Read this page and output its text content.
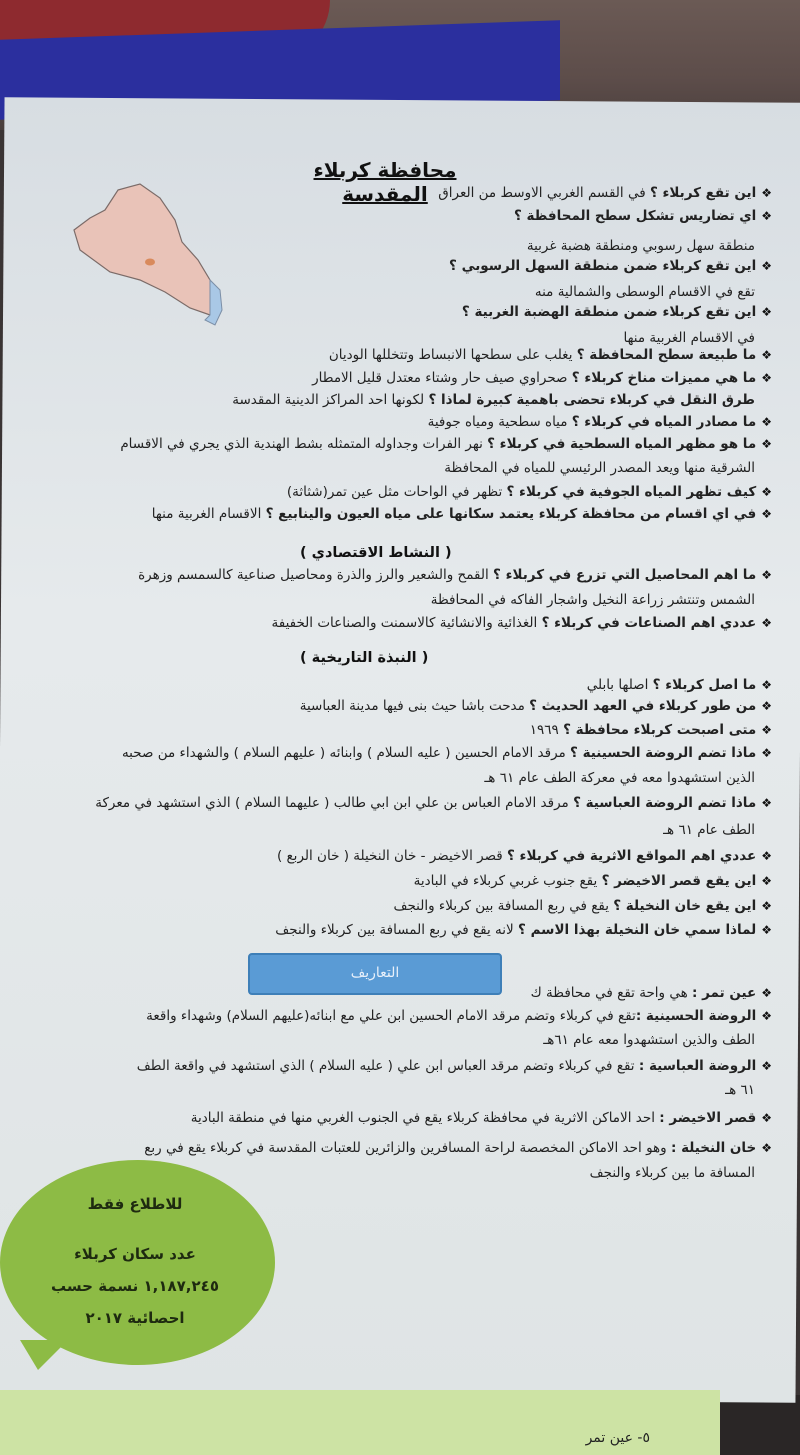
محافظة كربلاء المقدسة	❖اين تقع كربلاء ؟ في القسم الغربي الاوسط من العراق
❖اي تضاريس تشكل سطح المحافظة ؟
منطقة سهل رسوبي ومنطقة هضبة غربية
❖اين تقع كربلاء ضمن منطقة السهل الرسوبي ؟
تقع في الاقسام الوسطى والشمالية منه
❖اين تقع كربلاء ضمن منطقة الهضبة الغربية ؟
في الاقسام الغربية منها
❖ما طبيعة سطح المحافظة ؟ يغلب على سطحها الانبساط وتتخللها الوديان
❖ما هي مميزات مناخ كربلاء ؟ صحراوي صيف حار وشتاء معتدل قليل الامطار
طرق النقل في كربلاء تحضى باهمية كبيرة لماذا ؟ لكونها احد المراكز الدينية المقدسة
❖ما مصادر المياه في كربلاء ؟ مياه سطحية ومياه جوفية
❖ما هو مظهر المياه السطحية في كربلاء ؟ نهر الفرات وجداوله المتمثله بشط الهندية الذي يجري في الاقسام
الشرقية منها ويعد المصدر الرئيسي للمياه في المحافظة
❖كيف تظهر المياه الجوفية في كربلاء ؟ تظهر في الواحات مثل عين تمر(شثاثة)
❖في اي اقسام من محافظة كربلاء يعتمد سكانها على مياه العيون والينابيع ؟ الاقسام الغربية منها
❖ما اهم المحاصيل التي تزرع في كربلاء ؟ القمح والشعير والرز والذرة ومحاصيل صناعية كالسمسم وزهرة
الشمس وتنتشر زراعة النخيل واشجار الفاكه في المحافظة
❖عددي اهم الصناعات في كربلاء ؟ الغذائية والانشائية كالاسمنت والصناعات الخفيفة
❖ما اصل كربلاء ؟ اصلها بابلي
❖من طور كربلاء في العهد الحديث ؟ مدحت باشا حيث بنى فيها مدينة العباسية
❖متى اصبحت كربلاء محافظة ؟ ١٩٦٩
❖ماذا تضم الروضة الحسينية ؟ مرقد الامام الحسين ( عليه السلام ) وابنائه ( عليهم السلام ) والشهداء من صحبه
الذين استشهدوا معه في معركة الطف عام ٦١ هـ
❖ماذا تضم الروضة العباسية ؟ مرقد الامام العباس بن علي ابن ابي طالب ( عليهما السلام ) الذي استشهد في معركة
الطف عام ٦١ هـ
❖عددي اهم المواقع الاثرية في كربلاء ؟ قصر الاخيضر - خان النخيلة ( خان الربع )
❖اين يقع قصر الاخيضر ؟ يقع جنوب غربي كربلاء في البادية
❖اين يقع خان النخيلة ؟ يقع في ربع المسافة بين كربلاء والنجف
❖لماذا سمي خان النخيلة بهذا الاسم ؟ لانه يقع في ربع المسافة بين كربلاء والنجف
❖عين تمر : هي واحة تقع في محافظة ك
❖الروضة الحسينية :تقع في كربلاء وتضم مرقد الامام الحسين ابن علي مع ابنائه(عليهم السلام) وشهداء واقعة
الطف والذين استشهدوا معه عام ٦١هـ
❖الروضة العباسية : تقع في كربلاء وتضم مرقد العباس ابن علي ( عليه السلام ) الذي استشهد في واقعة الطف
٦١ هـ
❖قصر الاخيضر : احد الاماكن الاثرية في محافظة كربلاء يقع في الجنوب الغربي منها في منطقة البادية
❖خان النخيلة : وهو احد الاماكن المخصصة لراحة المسافرين والزائرين للعتبات المقدسة في كربلاء يقع في ربع
المسافة ما بين كربلاء والنجف
( النشاط الاقتصادي )
( النبذة التاريخية )
التعاريف
للاطلاع فقط
عدد سكان كربلاء
١,١٨٧,٢٤٥ نسمة حسب
احصائية ٢٠١٧
٥- عين تمر
